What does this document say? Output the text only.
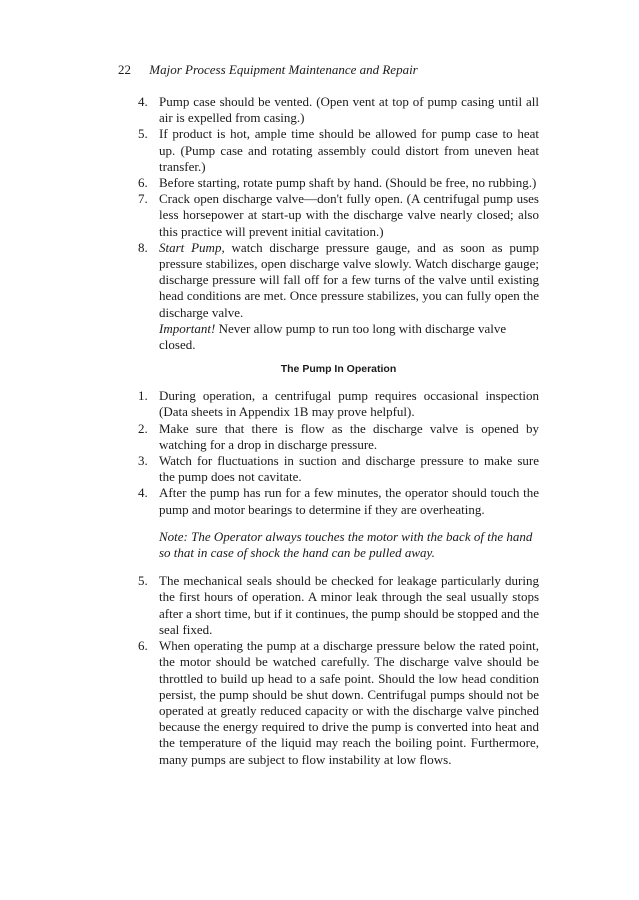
22 Major Process Equipment Maintenance and Repair
4. Pump case should be vented. (Open vent at top of pump casing until all air is expelled from casing.)
5. If product is hot, ample time should be allowed for pump case to heat up. (Pump case and rotating assembly could distort from uneven heat transfer.)
6. Before starting, rotate pump shaft by hand. (Should be free, no rubbing.)
7. Crack open discharge valve—don't fully open. (A centrifugal pump uses less horsepower at start-up with the discharge valve nearly closed; also this practice will prevent initial cavitation.)
8. Start Pump, watch discharge pressure gauge, and as soon as pump pressure stabilizes, open discharge valve slowly. Watch discharge gauge; discharge pressure will fall off for a few turns of the valve until existing head conditions are met. Once pressure stabilizes, you can fully open the discharge valve.
Important! Never allow pump to run too long with discharge valve closed.
The Pump In Operation
1. During operation, a centrifugal pump requires occasional inspection (Data sheets in Appendix 1B may prove helpful).
2. Make sure that there is flow as the discharge valve is opened by watching for a drop in discharge pressure.
3. Watch for fluctuations in suction and discharge pressure to make sure the pump does not cavitate.
4. After the pump has run for a few minutes, the operator should touch the pump and motor bearings to determine if they are overheating.
Note: The Operator always touches the motor with the back of the hand so that in case of shock the hand can be pulled away.
5. The mechanical seals should be checked for leakage particularly during the first hours of operation. A minor leak through the seal usually stops after a short time, but if it continues, the pump should be stopped and the seal fixed.
6. When operating the pump at a discharge pressure below the rated point, the motor should be watched carefully. The discharge valve should be throttled to build up head to a safe point. Should the low head condition persist, the pump should be shut down. Centrifugal pumps should not be operated at greatly reduced capacity or with the discharge valve pinched because the energy required to drive the pump is converted into heat and the temperature of the liquid may reach the boiling point. Furthermore, many pumps are subject to flow instability at low flows.
